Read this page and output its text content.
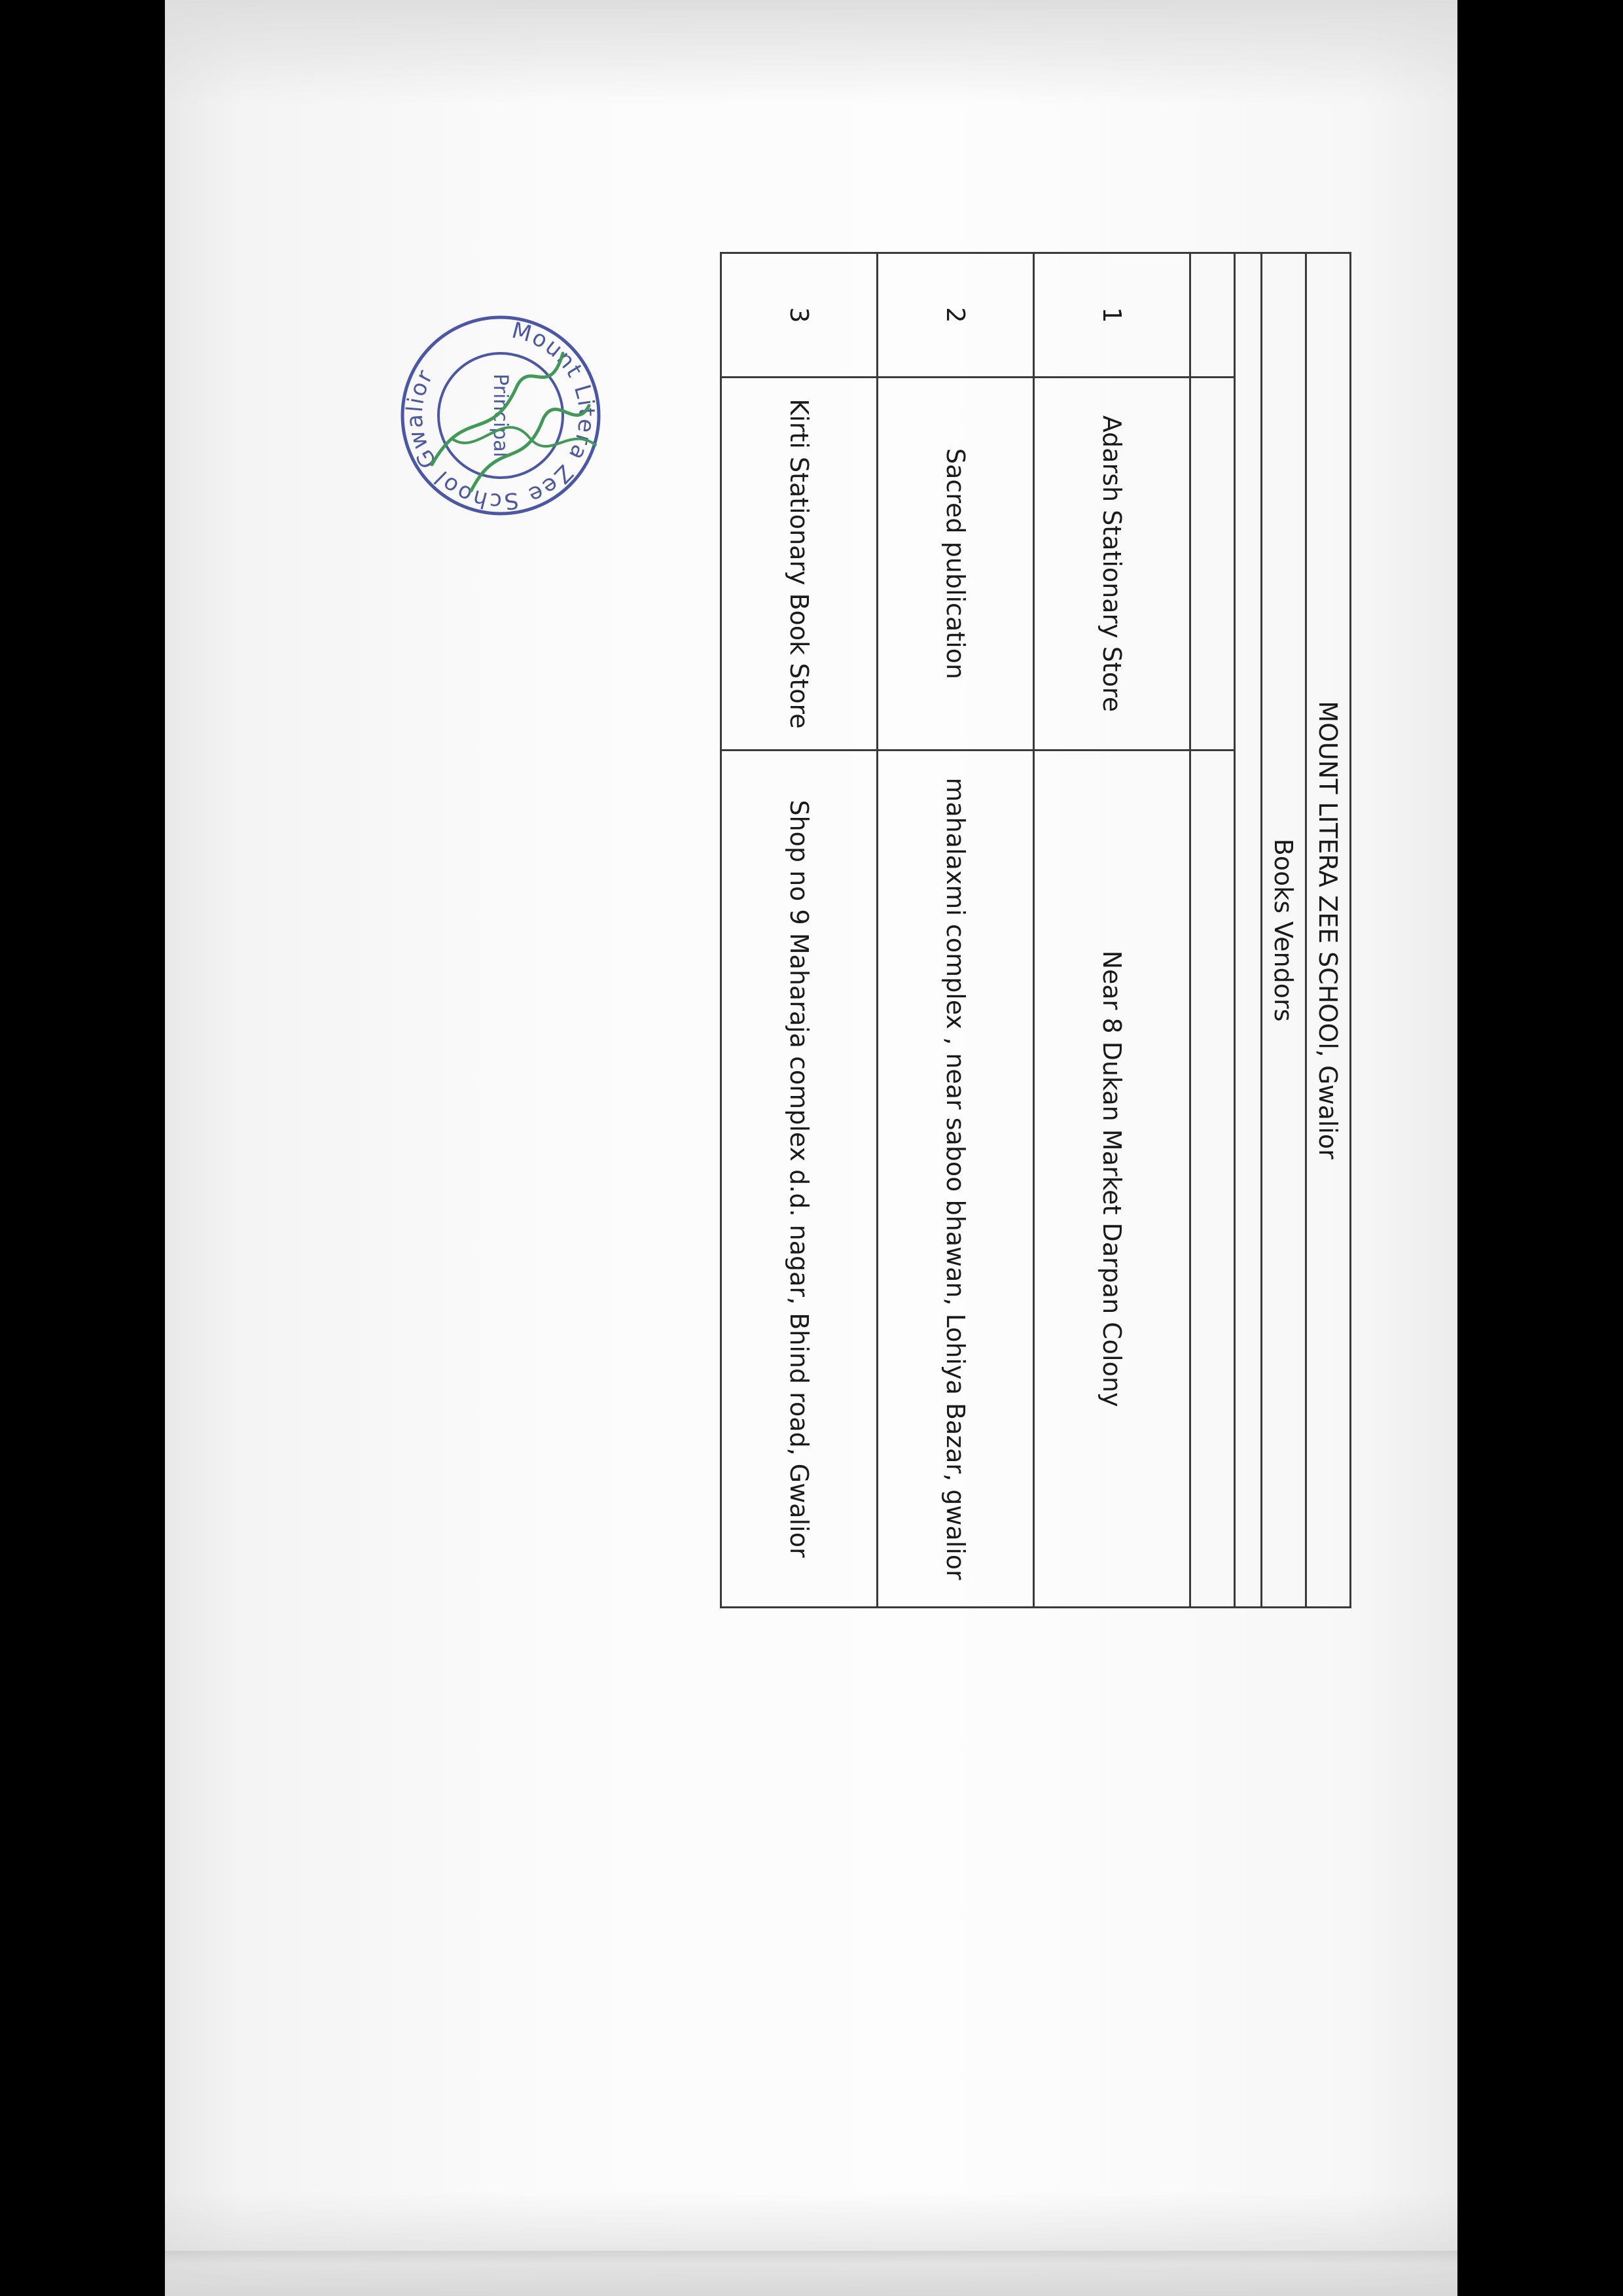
MOUNT LITERA ZEE SCHOOl, Gwalior		
Books Vendors		

1	Adarsh Stationary Store	Near 8 Dukan Market Darpan Colony
2	Sacred publication	mahalaxmi complex , near saboo bhawan, Lohiya Bazar, gwalior
3	Kirti Stationary Book Store	Shop no 9 Maharaja complex d.d. nagar, Bhind road, Gwalior
Mount Litera Zee School Gwalior	Principal
